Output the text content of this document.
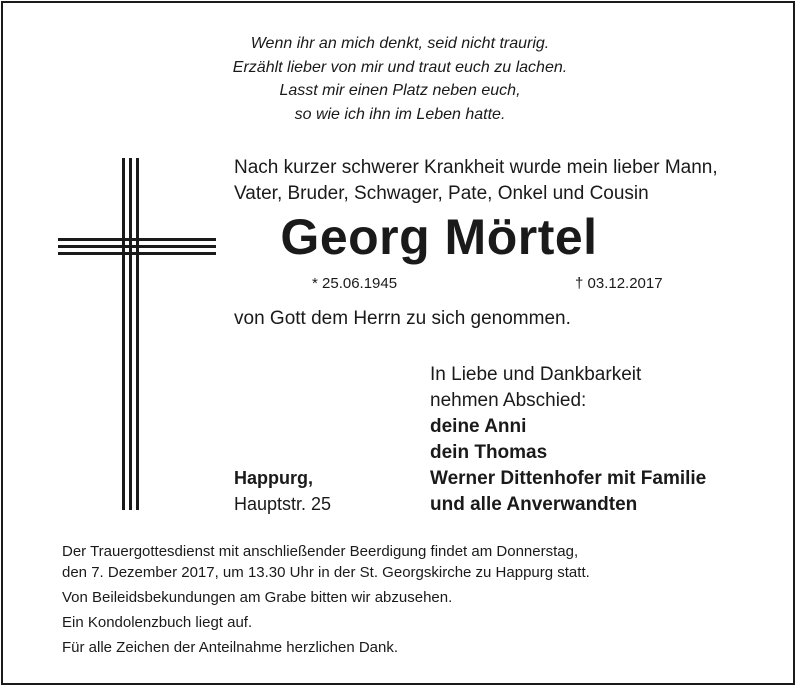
Wenn ihr an mich denkt, seid nicht traurig.
Erzählt lieber von mir und traut euch zu lachen.
Lasst mir einen Platz neben euch,
so wie ich ihn im Leben hatte.
Nach kurzer schwerer Krankheit wurde mein lieber Mann,
Vater, Bruder, Schwager, Pate, Onkel und Cousin
Georg Mörtel
* 25.06.1945	† 03.12.2017
von Gott dem Herrn zu sich genommen.
In Liebe und Dankbarkeit
nehmen Abschied:
deine Anni
dein Thomas
Werner Dittenhofer mit Familie
und alle Anverwandten
Happurg,
Hauptstr. 25
Der Trauergottesdienst mit anschließender Beerdigung findet am Donnerstag,
den 7. Dezember 2017, um 13.30 Uhr in der St. Georgskirche zu Happurg statt.
Von Beileidsbekundungen am Grabe bitten wir abzusehen.
Ein Kondolenzbuch liegt auf.
Für alle Zeichen der Anteilnahme herzlichen Dank.
